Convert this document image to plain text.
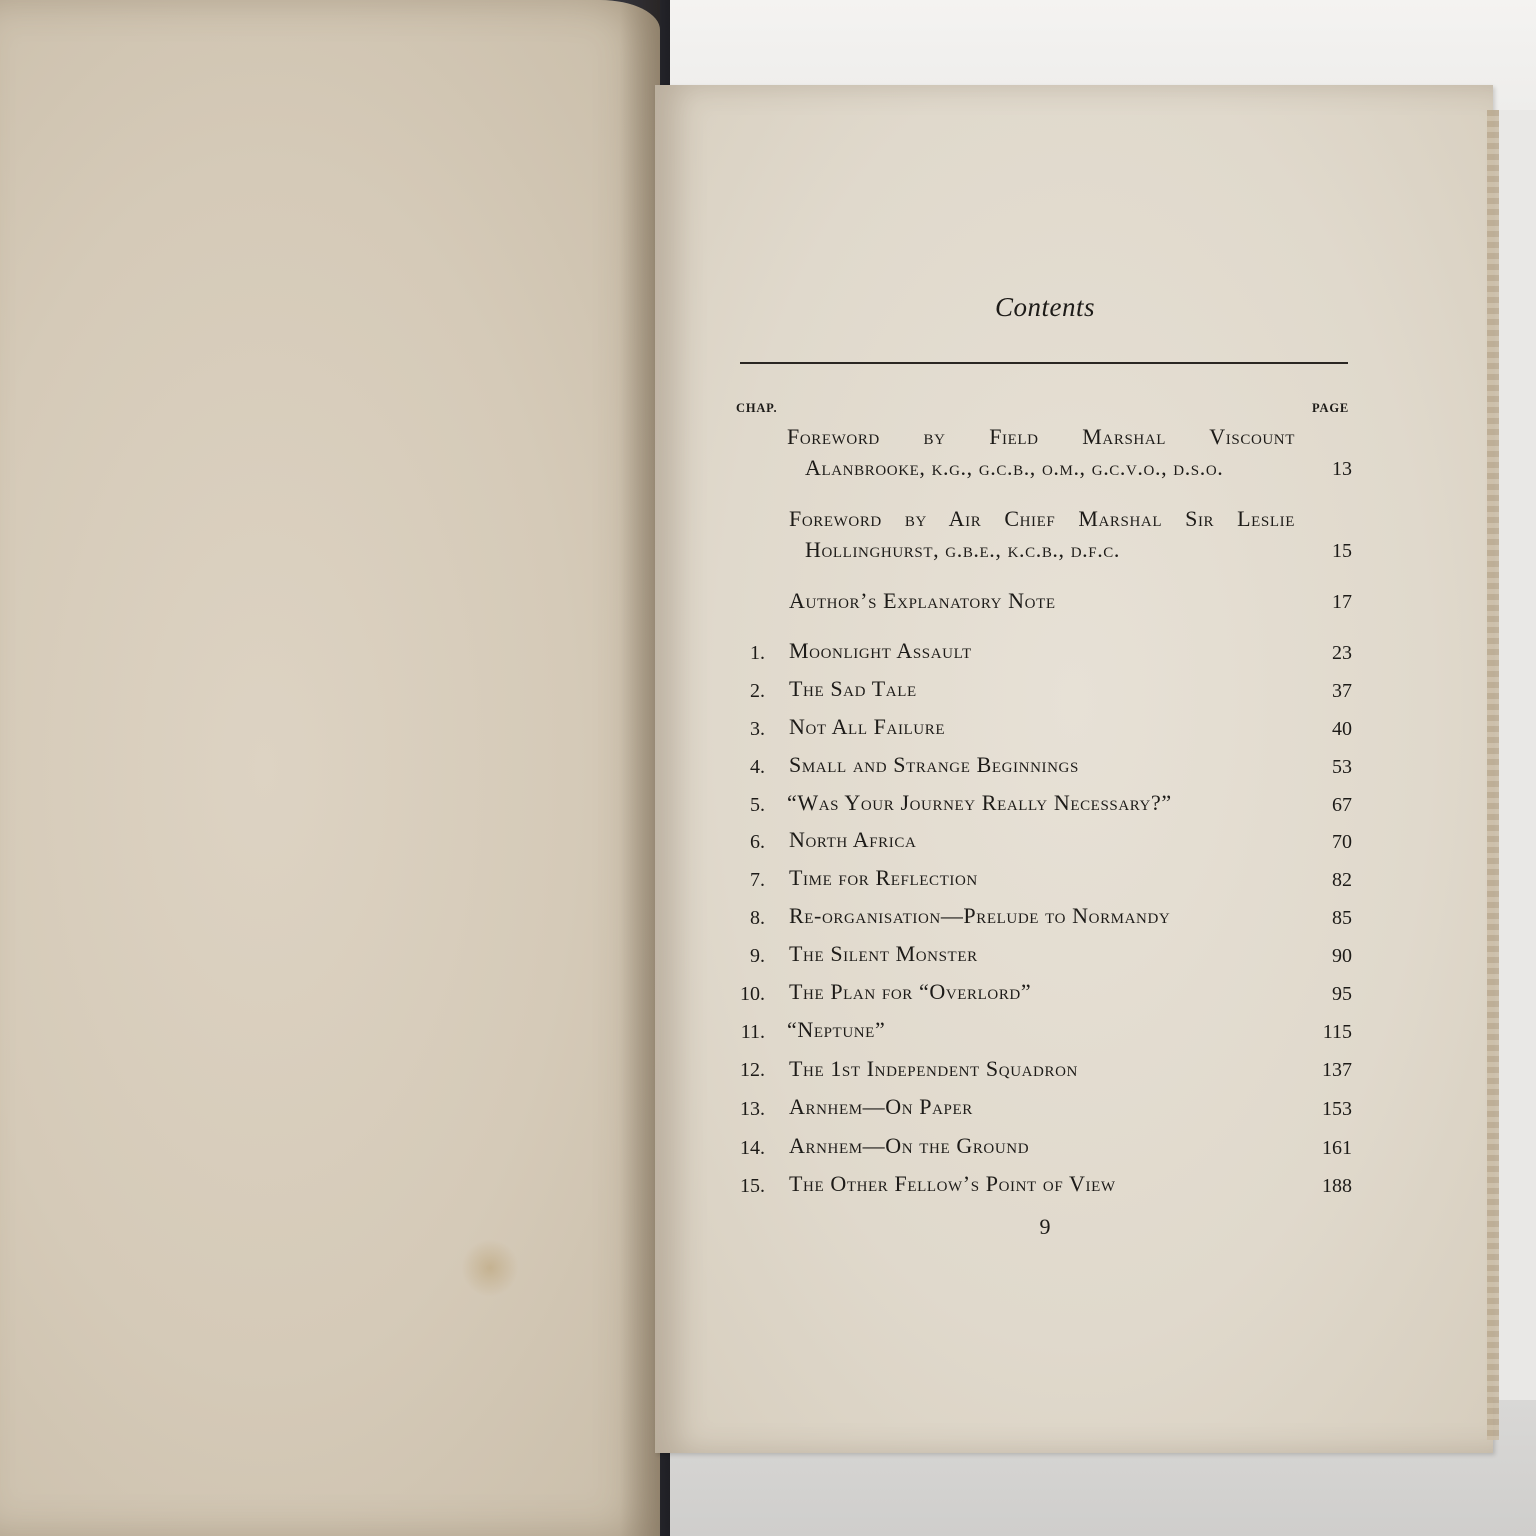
Contents
CHAP.	PAGE
Foreword by Field Marshal Viscount
Alanbrooke, k.g., g.c.b., o.m., g.c.v.o., d.s.o.	13
Foreword by Air Chief Marshal Sir Leslie
Hollinghurst, g.b.e., k.c.b., d.f.c.	15
Author’s Explanatory Note	17
1. Moonlight Assault	23
2. The Sad Tale	37
3. Not All Failure	40
4. Small and Strange Beginnings	53
5. “Was Your Journey Really Necessary?”	67
6. North Africa	70
7. Time for Reflection	82
8. Re-organisation—Prelude to Normandy	85
9. The Silent Monster	90
10. The Plan for “Overlord”	95
11. “Neptune”	115
12. The 1st Independent Squadron	137
13. Arnhem—On Paper	153
14. Arnhem—On the Ground	161
15. The Other Fellow’s Point of View	188
9
